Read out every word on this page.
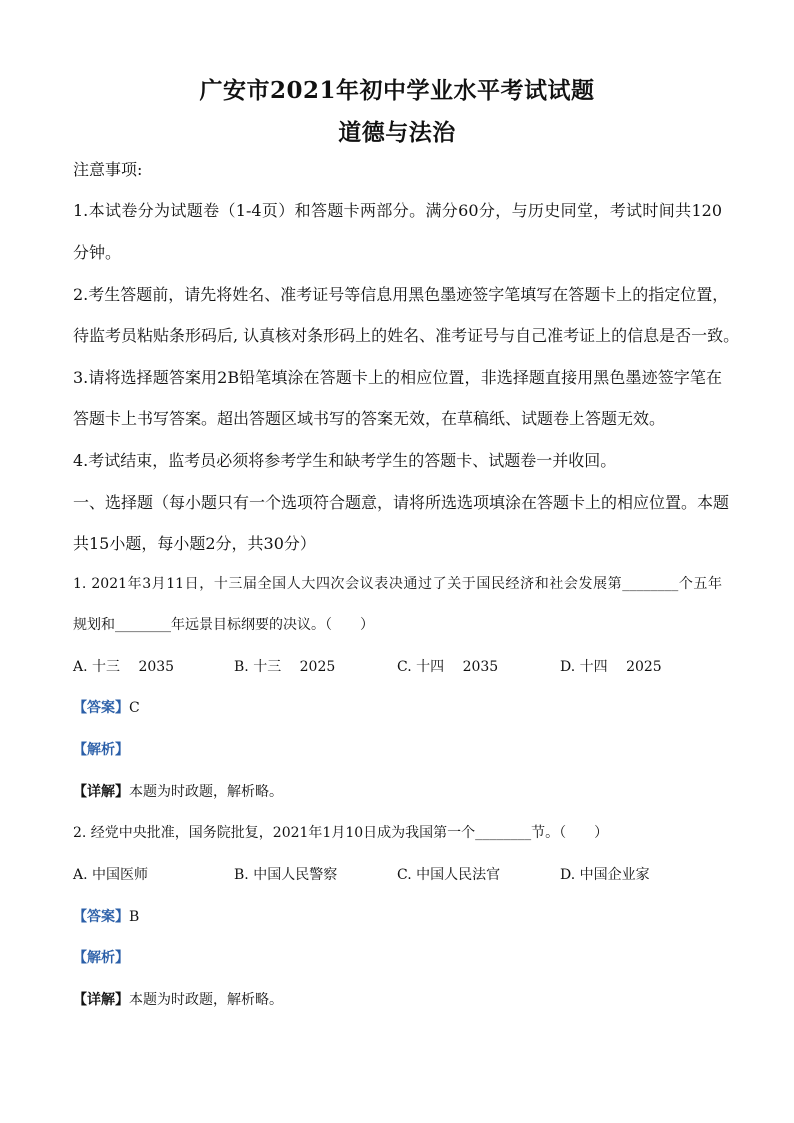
广安市2021年初中学业水平考试试题
道德与法治
注意事项:
1.本试卷分为试题卷（1-4页）和答题卡两部分。满分60分，与历史同堂，考试时间共120
分钟。
2.考生答题前，请先将姓名、准考证号等信息用黑色墨迹签字笔填写在答题卡上的指定位置，
待监考员粘贴条形码后, 认真核对条形码上的姓名、准考证号与自己准考证上的信息是否一致。
3.请将选择题答案用2B铅笔填涂在答题卡上的相应位置，非选择题直接用黑色墨迹签字笔在
答题卡上书写答案。超出答题区域书写的答案无效，在草稿纸、试题卷上答题无效。
4.考试结束，监考员必须将参考学生和缺考学生的答题卡、试题卷一并收回。
一、选择题（每小题只有一个选项符合题意，请将所选选项填涂在答题卡上的相应位置。本题
共15小题，每小题2分，共30分）
1. 2021年3月11日，十三届全国人大四次会议表决通过了关于国民经济和社会发展第________个五年
规划和________年远景目标纲要的决议。（　　）
A. 十三　 2035	B. 十三　 2025	C. 十四　 2035	D. 十四　 2025
【答案】C
【解析】
【详解】本题为时政题，解析略。
2. 经党中央批准，国务院批复，2021年1月10日成为我国第一个________节。（　　）
A. 中国医师	B. 中国人民警察	C. 中国人民法官	D. 中国企业家
【答案】B
【解析】
【详解】本题为时政题，解析略。
